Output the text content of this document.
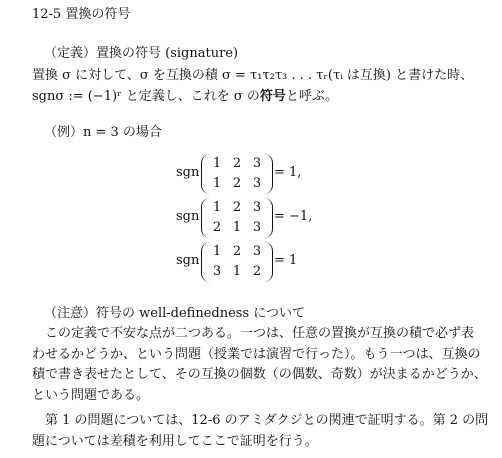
12-5 置換の符号
（定義）置換の符号 (signature)
置換 σ に対して、σ を互換の積 σ = τ₁τ₂τ₃ . . . τᵣ(τᵢ は互換) と書けた時、
sgnσ := (−1)ʳ と定義し、これを σ の符号と呼ぶ。
（例）n = 3 の場合
sgn
1 2 3
1 2 3
= 1,
sgn
1 2 3
2 1 3
= −1,
sgn
1 2 3
3 1 2
= 1
（注意）符号の well-definedness について
　この定義で不安な点が二つある。一つは、任意の置換が互換の積で必ず表
わせるかどうか、という問題（授業では演習で行った）。もう一つは、互換の
積で書き表せたとして、その互換の個数（の偶数、奇数）が決まるかどうか、
という問題である。
　第 1 の問題については、12-6 のアミダクジとの関連で証明する。第 2 の問
題については差積を利用してここで証明を行う。
